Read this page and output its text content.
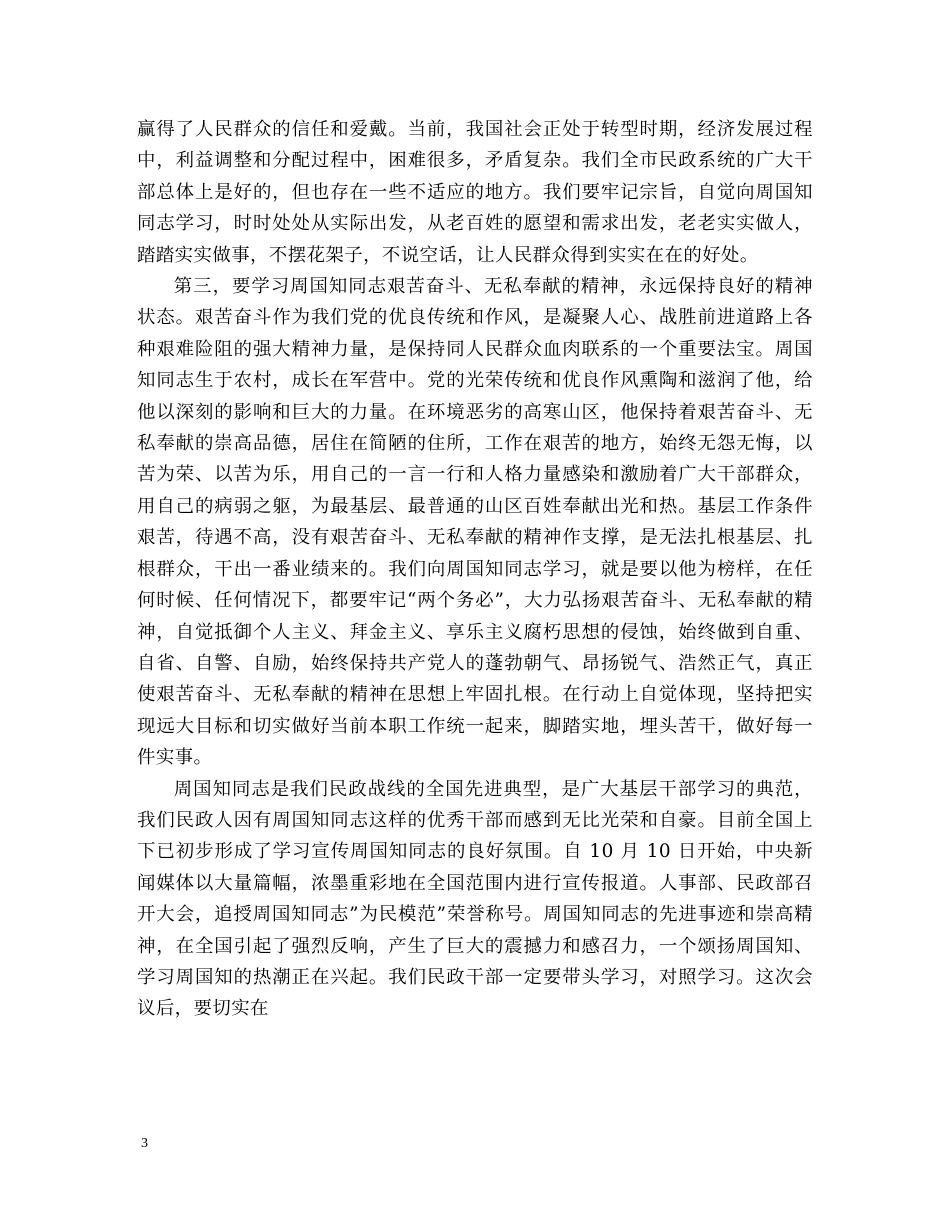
赢得了人民群众的信任和爱戴。当前，我国社会正处于转型时期，经济发展过程中，利益调整和分配过程中，困难很多，矛盾复杂。我们全市民政系统的广大干部总体上是好的，但也存在一些不适应的地方。我们要牢记宗旨，自觉向周国知同志学习，时时处处从实际出发，从老百姓的愿望和需求出发，老老实实做人，踏踏实实做事，不摆花架子，不说空话，让人民群众得到实实在在的好处。

第三，要学习周国知同志艰苦奋斗、无私奉献的精神，永远保持良好的精神状态。艰苦奋斗作为我们党的优良传统和作风，是凝聚人心、战胜前进道路上各种艰难险阻的强大精神力量，是保持同人民群众血肉联系的一个重要法宝。周国知同志生于农村，成长在军营中。党的光荣传统和优良作风熏陶和滋润了他，给他以深刻的影响和巨大的力量。在环境恶劣的高寒山区，他保持着艰苦奋斗、无私奉献的崇高品德，居住在简陋的住所，工作在艰苦的地方，始终无怨无悔，以苦为荣、以苦为乐，用自己的一言一行和人格力量感染和激励着广大干部群众，用自己的病弱之躯，为最基层、最普通的山区百姓奉献出光和热。基层工作条件艰苦，待遇不高，没有艰苦奋斗、无私奉献的精神作支撑，是无法扎根基层、扎根群众，干出一番业绩来的。我们向周国知同志学习，就是要以他为榜样，在任何时候、任何情况下，都要牢记“两个务必”，大力弘扬艰苦奋斗、无私奉献的精神，自觉抵御个人主义、拜金主义、享乐主义腐朽思想的侵蚀，始终做到自重、自省、自警、自励，始终保持共产党人的蓬勃朝气、昂扬锐气、浩然正气，真正使艰苦奋斗、无私奉献的精神在思想上牢固扎根。在行动上自觉体现，坚持把实现远大目标和切实做好当前本职工作统一起来，脚踏实地，埋头苦干，做好每一件实事。

周国知同志是我们民政战线的全国先进典型，是广大基层干部学习的典范，我们民政人因有周国知同志这样的优秀干部而感到无比光荣和自豪。目前全国上下已初步形成了学习宣传周国知同志的良好氛围。自 10 月 10 日开始，中央新闻媒体以大量篇幅，浓墨重彩地在全国范围内进行宣传报道。人事部、民政部召开大会，追授周国知同志”为民模范”荣誉称号。周国知同志的先进事迹和崇高精神，在全国引起了强烈反响，产生了巨大的震撼力和感召力，一个颂扬周国知、学习周国知的热潮正在兴起。我们民政干部一定要带头学习，对照学习。这次会议后，要切实在

3
